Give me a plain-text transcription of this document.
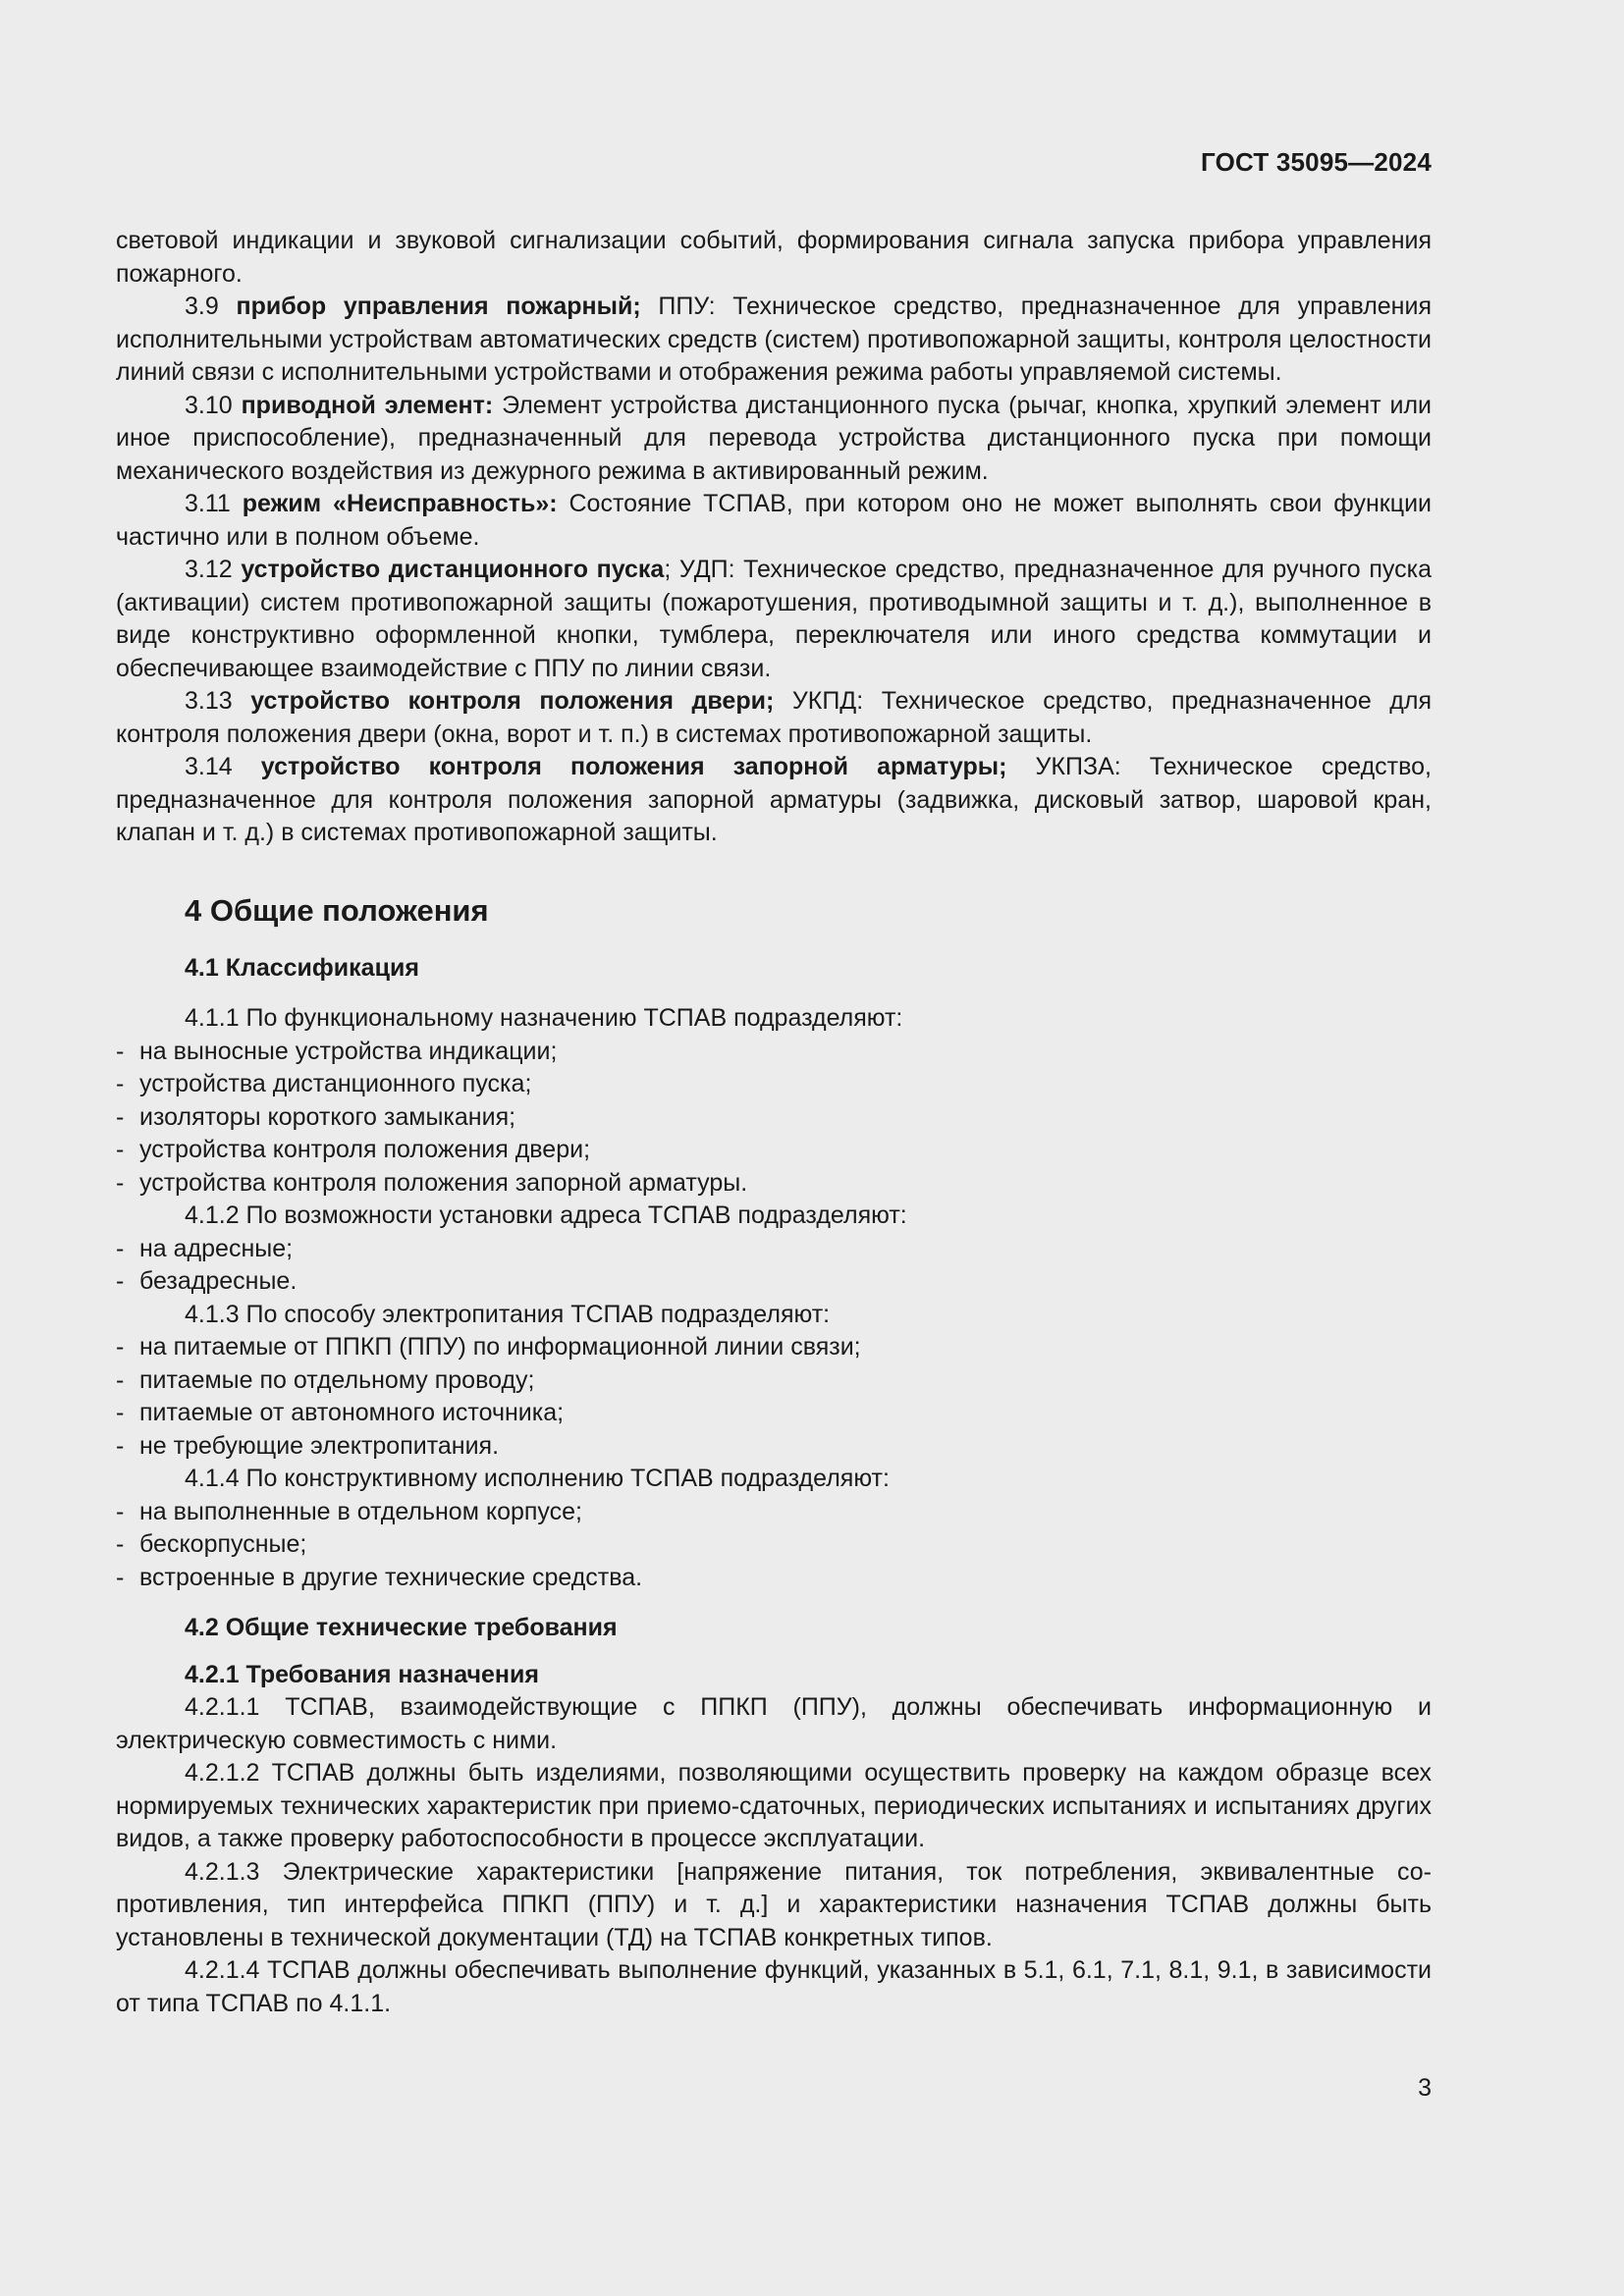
ГОСТ 35095—2024

световой индикации и звуковой сигнализации событий, формирования сигнала запуска прибора управления пожарного.

3.9 прибор управления пожарный; ППУ: Техническое средство, предназначенное для управления исполнительными устройствам автоматических средств (систем) противопожарной защиты, контроля целостности линий связи с исполнительными устройствами и отображения режима работы управляемой системы.

3.10 приводной элемент: Элемент устройства дистанционного пуска (рычаг, кнопка, хрупкий элемент или иное приспособление), предназначенный для перевода устройства дистанционного пуска при помощи механического воздействия из дежурного режима в активированный режим.

3.11 режим «Неисправность»: Состояние ТСПАВ, при котором оно не может выполнять свои функции частично или в полном объеме.

3.12 устройство дистанционного пуска; УДП: Техническое средство, предназначенное для ручного пуска (активации) систем противопожарной защиты (пожаротушения, противодымной защиты и т. д.), выполненное в виде конструктивно оформленной кнопки, тумблера, переключателя или иного средства коммутации и обеспечивающее взаимодействие с ППУ по линии связи.

3.13 устройство контроля положения двери; УКПД: Техническое средство, предназначенное для контроля положения двери (окна, ворот и т. п.) в системах противопожарной защиты.

3.14 устройство контроля положения запорной арматуры; УКПЗА: Техническое средство, предназначенное для контроля положения запорной арматуры (задвижка, дисковый затвор, шаровой кран, клапан и т. д.) в системах противопожарной защиты.

4 Общие положения
4.1 Классификация

4.1.1 По функциональному назначению ТСПАВ подразделяют:

- на выносные устройства индикации;
- устройства дистанционного пуска;
- изоляторы короткого замыкания;
- устройства контроля положения двери;
- устройства контроля положения запорной арматуры.

4.1.2 По возможности установки адреса ТСПАВ подразделяют:

- на адресные;
- безадресные.

4.1.3 По способу электропитания ТСПАВ подразделяют:

- на питаемые от ППКП (ППУ) по информационной линии связи;
- питаемые по отдельному проводу;
- питаемые от автономного источника;
- не требующие электропитания.

4.1.4 По конструктивному исполнению ТСПАВ подразделяют:

- на выполненные в отдельном корпусе;
- бескорпусные;
- встроенные в другие технические средства.
4.2 Общие технические требования

4.2.1 Требования назначения

4.2.1.1 ТСПАВ, взаимодействующие с ППКП (ППУ), должны обеспечивать информационную и электрическую совместимость с ними.

4.2.1.2 ТСПАВ должны быть изделиями, позволяющими осуществить проверку на каждом образце всех нормируемых технических характеристик при приемо-сдаточных, периодических испытаниях и испытаниях других видов, а также проверку работоспособности в процессе эксплуатации.

4.2.1.3 Электрические характеристики [напряжение питания, ток потребления, эквивалентные сопротивления, тип интерфейса ППКП (ППУ) и т. д.] и характеристики назначения ТСПАВ должны быть установлены в технической документации (ТД) на ТСПАВ конкретных типов.

4.2.1.4 ТСПАВ должны обеспечивать выполнение функций, указанных в 5.1, 6.1, 7.1, 8.1, 9.1, в зависимости от типа ТСПАВ по 4.1.1.

3
